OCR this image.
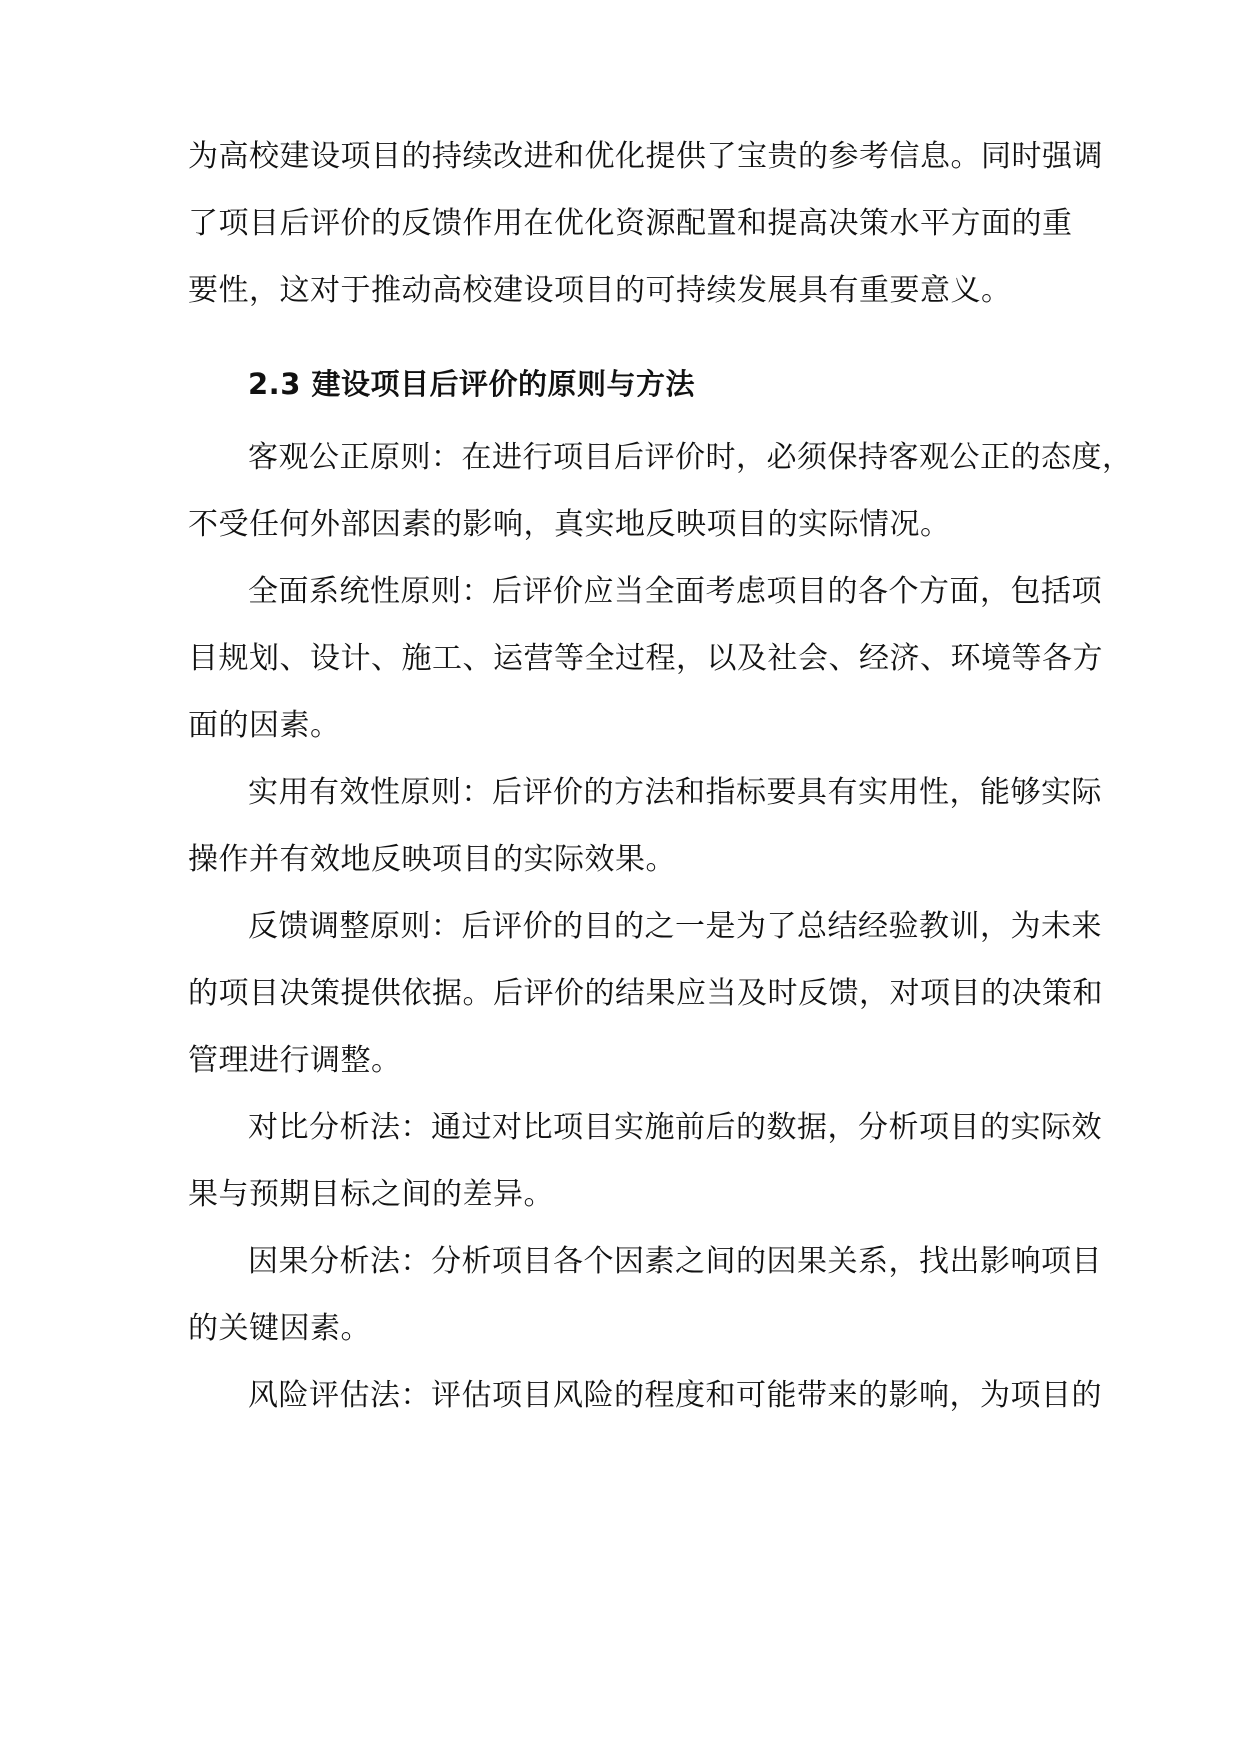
为高校建设项目的持续改进和优化提供了宝贵的参考信息。同时强调
了项目后评价的反馈作用在优化资源配置和提高决策水平方面的重
要性，这对于推动高校建设项目的可持续发展具有重要意义。
2.3 建设项目后评价的原则与方法
客观公正原则：在进行项目后评价时，必须保持客观公正的态度，
不受任何外部因素的影响，真实地反映项目的实际情况。
全面系统性原则：后评价应当全面考虑项目的各个方面，包括项
目规划、设计、施工、运营等全过程，以及社会、经济、环境等各方
面的因素。
实用有效性原则：后评价的方法和指标要具有实用性，能够实际
操作并有效地反映项目的实际效果。
反馈调整原则：后评价的目的之一是为了总结经验教训，为未来
的项目决策提供依据。后评价的结果应当及时反馈，对项目的决策和
管理进行调整。
对比分析法：通过对比项目实施前后的数据，分析项目的实际效
果与预期目标之间的差异。
因果分析法：分析项目各个因素之间的因果关系，找出影响项目
的关键因素。
风险评估法：评估项目风险的程度和可能带来的影响，为项目的
